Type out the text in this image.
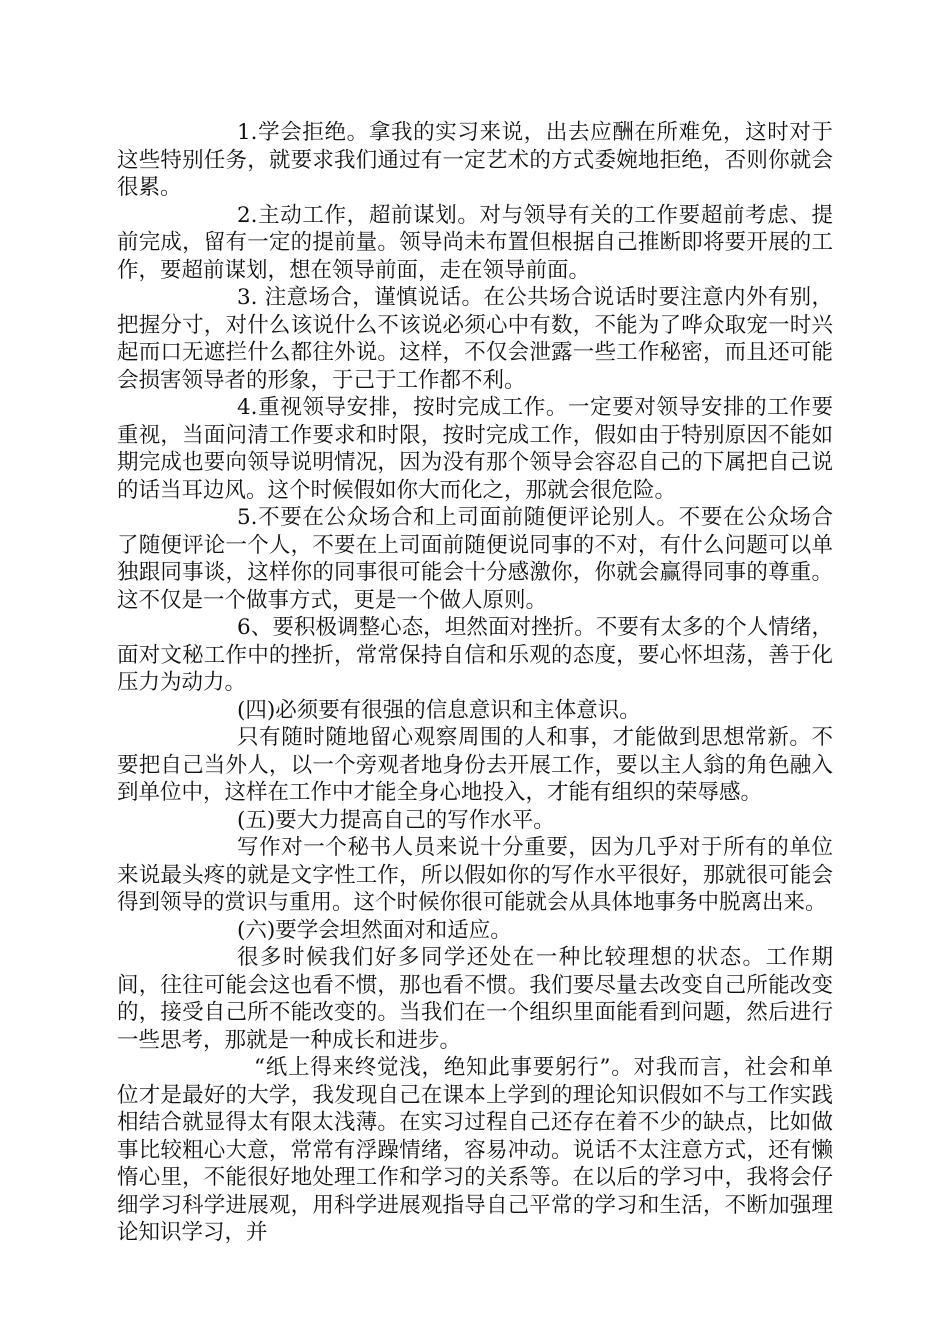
1.学会拒绝。拿我的实习来说，出去应酬在所难免，这时对于这些特别任务，就要求我们通过有一定艺术的方式委婉地拒绝，否则你就会很累。

2.主动工作，超前谋划。对与领导有关的工作要超前考虑、提前完成，留有一定的提前量。领导尚未布置但根据自己推断即将要开展的工作，要超前谋划，想在领导前面，走在领导前面。

3. 注意场合，谨慎说话。在公共场合说话时要注意内外有别，把握分寸，对什么该说什么不该说必须心中有数，不能为了哗众取宠一时兴起而口无遮拦什么都往外说。这样，不仅会泄露一些工作秘密，而且还可能会损害领导者的形象，于己于工作都不利。

4.重视领导安排，按时完成工作。一定要对领导安排的工作要重视，当面问清工作要求和时限，按时完成工作，假如由于特别原因不能如期完成也要向领导说明情况，因为没有那个领导会容忍自己的下属把自己说的话当耳边风。这个时候假如你大而化之，那就会很危险。

5.不要在公众场合和上司面前随便评论别人。不要在公众场合了随便评论一个人，不要在上司面前随便说同事的不对，有什么问题可以单独跟同事谈，这样你的同事很可能会十分感激你，你就会赢得同事的尊重。这不仅是一个做事方式，更是一个做人原则。

6、要积极调整心态，坦然面对挫折。不要有太多的个人情绪，面对文秘工作中的挫折，常常保持自信和乐观的态度，要心怀坦荡，善于化压力为动力。

(四)必须要有很强的信息意识和主体意识。

只有随时随地留心观察周围的人和事，才能做到思想常新。不要把自己当外人，以一个旁观者地身份去开展工作，要以主人翁的角色融入到单位中，这样在工作中才能全身心地投入，才能有组织的荣辱感。

(五)要大力提高自己的写作水平。

写作对一个秘书人员来说十分重要，因为几乎对于所有的单位来说最头疼的就是文字性工作，所以假如你的写作水平很好，那就很可能会得到领导的赏识与重用。这个时候你很可能就会从具体地事务中脱离出来。

(六)要学会坦然面对和适应。

很多时候我们好多同学还处在一种比较理想的状态。工作期间，往往可能会这也看不惯，那也看不惯。我们要尽量去改变自己所能改变的，接受自己所不能改变的。当我们在一个组织里面能看到问题，然后进行一些思考，那就是一种成长和进步。

“纸上得来终觉浅，绝知此事要躬行”。对我而言，社会和单位才是最好的大学，我发现自己在课本上学到的理论知识假如不与工作实践相结合就显得太有限太浅薄。在实习过程自己还存在着不少的缺点，比如做事比较粗心大意，常常有浮躁情绪，容易冲动。说话不太注意方式，还有懒惰心里，不能很好地处理工作和学习的关系等。在以后的学习中，我将会仔细学习科学进展观，用科学进展观指导自己平常的学习和生活，不断加强理论知识学习，并
